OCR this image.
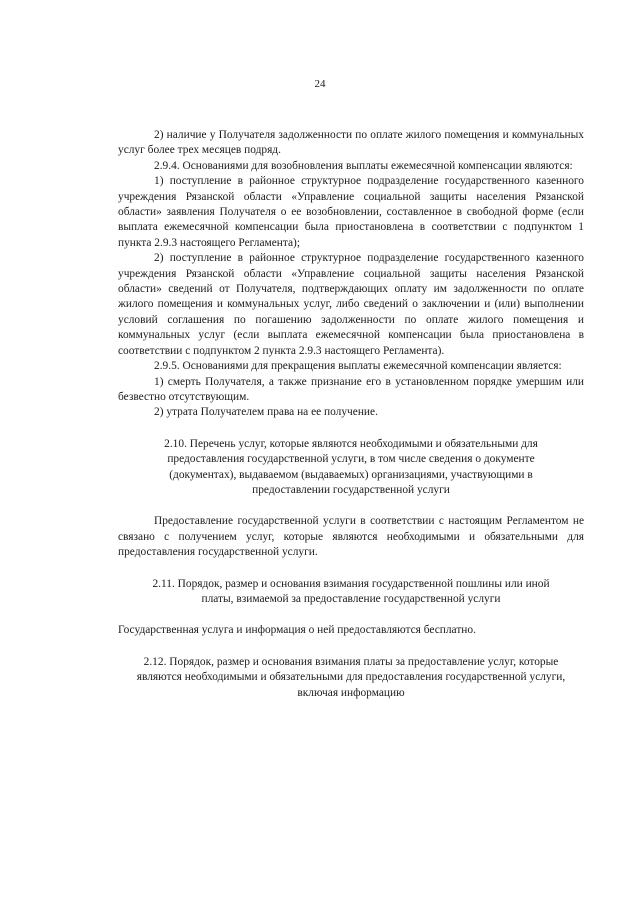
24

2) наличие у Получателя задолженности по оплате жилого помещения и коммунальных услуг более трех месяцев подряд.

2.9.4. Основаниями для возобновления выплаты ежемесячной компенсации являются:

1) поступление в районное структурное подразделение государственного казенного учреждения Рязанской области «Управление социальной защиты населения Рязанской области» заявления Получателя о ее возобновлении, составленное в свободной форме (если выплата ежемесячной компенсации была приостановлена в соответствии с подпунктом 1 пункта 2.9.3 настоящего Регламента);

2) поступление в районное структурное подразделение государственного казенного учреждения Рязанской области «Управление социальной защиты населения Рязанской области» сведений от Получателя, подтверждающих оплату им задолженности по оплате жилого помещения и коммунальных услуг, либо сведений о заключении и (или) выполнении условий соглашения по погашению задолженности по оплате жилого помещения и коммунальных услуг (если выплата ежемесячной компенсации была приостановлена в соответствии с подпунктом 2 пункта 2.9.3 настоящего Регламента).

2.9.5. Основаниями для прекращения выплаты ежемесячной компенсации является:

1) смерть Получателя, а также признание его в установленном порядке умершим или безвестно отсутствующим.

2) утрата Получателем права на ее получение.

2.10. Перечень услуг, которые являются необходимыми и обязательными для предоставления государственной услуги, в том числе сведения о документе (документах), выдаваемом (выдаваемых) организациями, участвующими в предоставлении государственной услуги

Предоставление государственной услуги в соответствии с настоящим Регламентом не связано с получением услуг, которые являются необходимыми и обязательными для предоставления государственной услуги.

2.11. Порядок, размер и основания взимания государственной пошлины или иной платы, взимаемой за предоставление государственной услуги

Государственная услуга и информация о ней предоставляются бесплатно.

2.12. Порядок, размер и основания взимания платы за предоставление услуг, которые являются необходимыми и обязательными для предоставления государственной услуги, включая информацию
